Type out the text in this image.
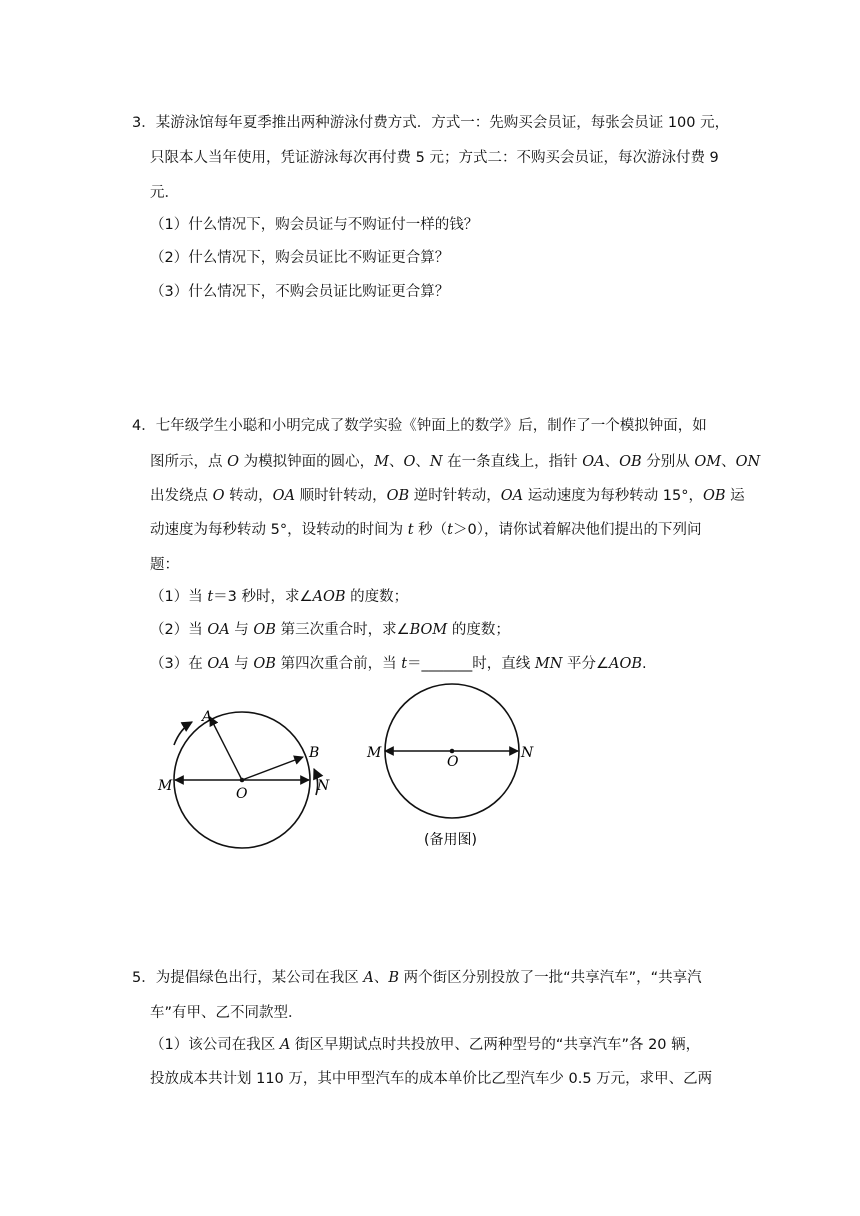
3．某游泳馆每年夏季推出两种游泳付费方式．方式一：先购买会员证，每张会员证 100 元，
只限本人当年使用，凭证游泳每次再付费 5 元；方式二：不购买会员证，每次游泳付费 9
元．
（1）什么情况下，购会员证与不购证付一样的钱？
（2）什么情况下，购会员证比不购证更合算？
（3）什么情况下，不购会员证比购证更合算？
4．七年级学生小聪和小明完成了数学实验《钟面上的数学》后，制作了一个模拟钟面，如
图所示，点 O 为模拟钟面的圆心，M、O、N 在一条直线上，指针 OA、OB 分别从 OM、ON
出发绕点 O 转动，OA 顺时针转动，OB 逆时针转动，OA 运动速度为每秒转动 15°，OB 运
动速度为每秒转动 5°，设转动的时间为 t 秒（t＞0），请你试着解决他们提出的下列问
题：
（1）当 t＝3 秒时，求∠AOB 的度数；
（2）当 OA 与 OB 第三次重合时，求∠BOM 的度数；
（3）在 OA 与 OB 第四次重合前，当 t＝_______时，直线 MN 平分∠AOB.
A
B
M	N
O
M	N
O
(备用图)
5．为提倡绿色出行，某公司在我区 A、B 两个街区分别投放了一批“共享汽车”，“共享汽
车”有甲、乙不同款型．
（1）该公司在我区 A 街区早期试点时共投放甲、乙两种型号的“共享汽车”各 20 辆，
投放成本共计划 110 万，其中甲型汽车的成本单价比乙型汽车少 0.5 万元，求甲、乙两
